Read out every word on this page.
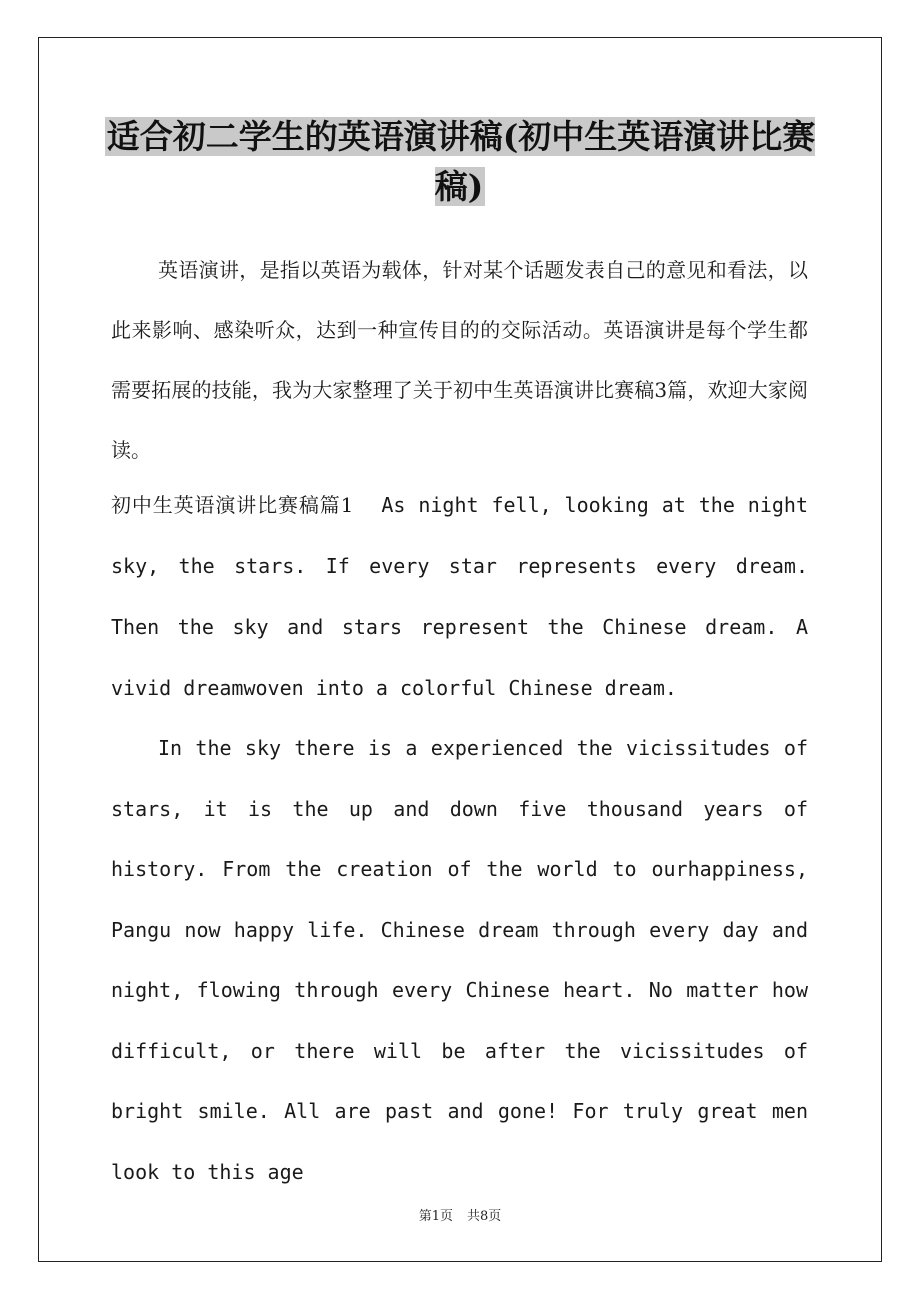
适合初二学生的英语演讲稿(初中生英语演讲比赛稿)

英语演讲，是指以英语为载体，针对某个话题发表自己的意见和看法，以此来影响、感染听众，达到一种宣传目的的交际活动。英语演讲是每个学生都需要拓展的技能，我为大家整理了关于初中生英语演讲比赛稿3篇，欢迎大家阅读。

初中生英语演讲比赛稿篇1 As night fell, looking at the night sky, the stars. If every star represents every dream. Then the sky and stars represent the Chinese dream. A vivid dreamwoven into a colorful Chinese dream.

In the sky there is a experienced the vicissitudes of stars, it is the up and down five thousand years of history. From the creation of the world to ourhappiness, Pangu now happy life. Chinese dream through every day and night, flowing through every Chinese heart. No matter how difficult, or there will be after the vicissitudes of bright smile. All are past and gone! For truly great men look to this age

第1页 共8页
